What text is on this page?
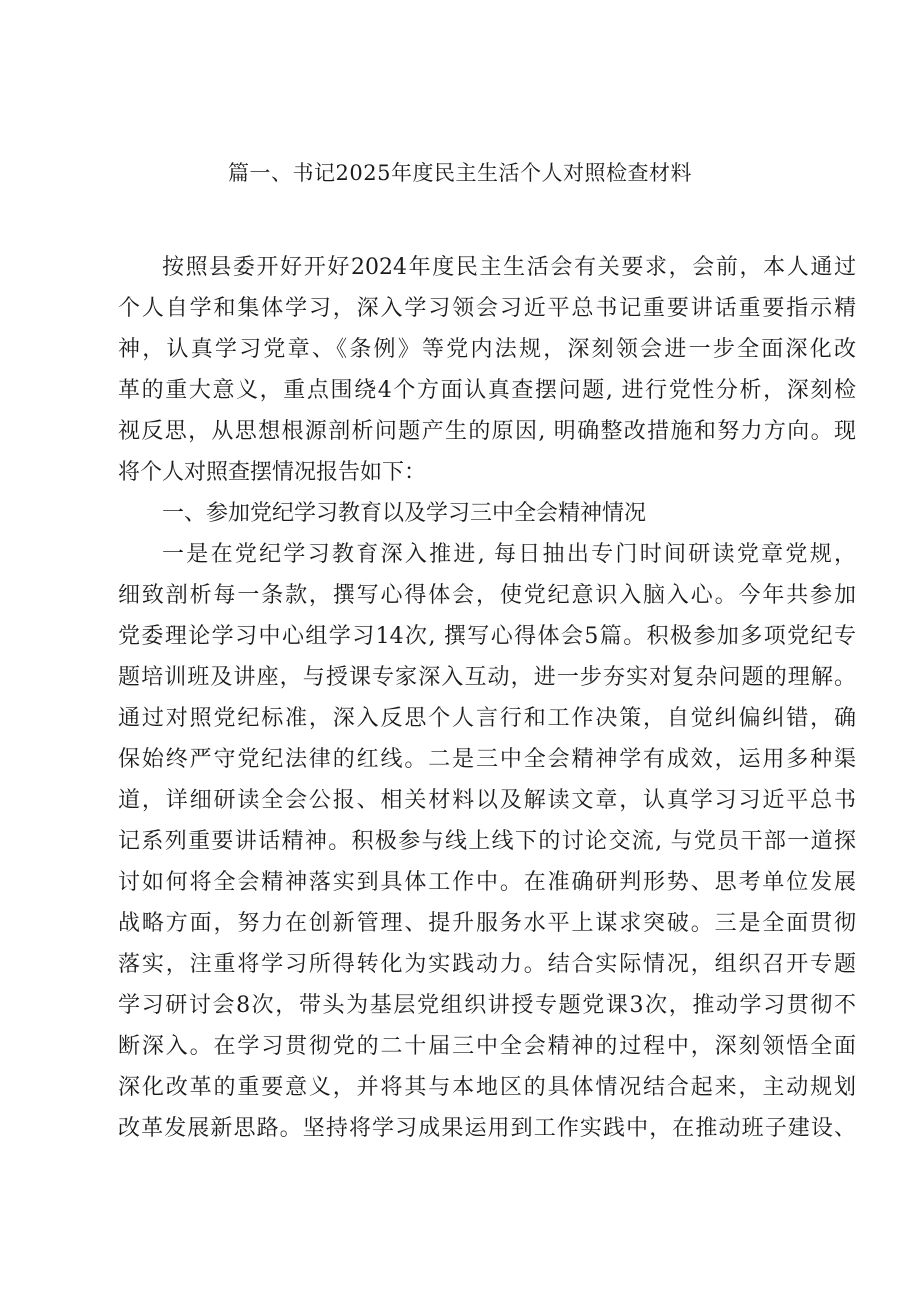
篇一、书记2025年度民主生活个人对照检查材料

按照县委开好开好2024年度民主生活会有关要求，会前，本人通过

个人自学和集体学习，深入学习领会习近平总书记重要讲话重要指示精

神，认真学习党章、《条例》等党内法规，深刻领会进一步全面深化改

革的重大意义，重点围绕4个方面认真查摆问题, 进行党性分析，深刻检

视反思，从思想根源剖析问题产生的原因, 明确整改措施和努力方向。现

将个人对照查摆情况报告如下：

一、参加党纪学习教育以及学习三中全会精神情况

一是在党纪学习教育深入推进, 每日抽出专门时间研读党章党规，

细致剖析每一条款，撰写心得体会，使党纪意识入脑入心。今年共参加

党委理论学习中心组学习14次, 撰写心得体会5篇。积极参加多项党纪专

题培训班及讲座，与授课专家深入互动，进一步夯实对复杂问题的理解。

通过对照党纪标准，深入反思个人言行和工作决策，自觉纠偏纠错，确

保始终严守党纪法律的红线。二是三中全会精神学有成效，运用多种渠

道，详细研读全会公报、相关材料以及解读文章，认真学习习近平总书

记系列重要讲话精神。积极参与线上线下的讨论交流, 与党员干部一道探

讨如何将全会精神落实到具体工作中。在准确研判形势、思考单位发展

战略方面，努力在创新管理、提升服务水平上谋求突破。三是全面贯彻

落实，注重将学习所得转化为实践动力。结合实际情况，组织召开专题

学习研讨会8次，带头为基层党组织讲授专题党课3次，推动学习贯彻不

断深入。在学习贯彻党的二十届三中全会精神的过程中，深刻领悟全面

深化改革的重要意义，并将其与本地区的具体情况结合起来，主动规划

改革发展新思路。坚持将学习成果运用到工作实践中，在推动班子建设、
